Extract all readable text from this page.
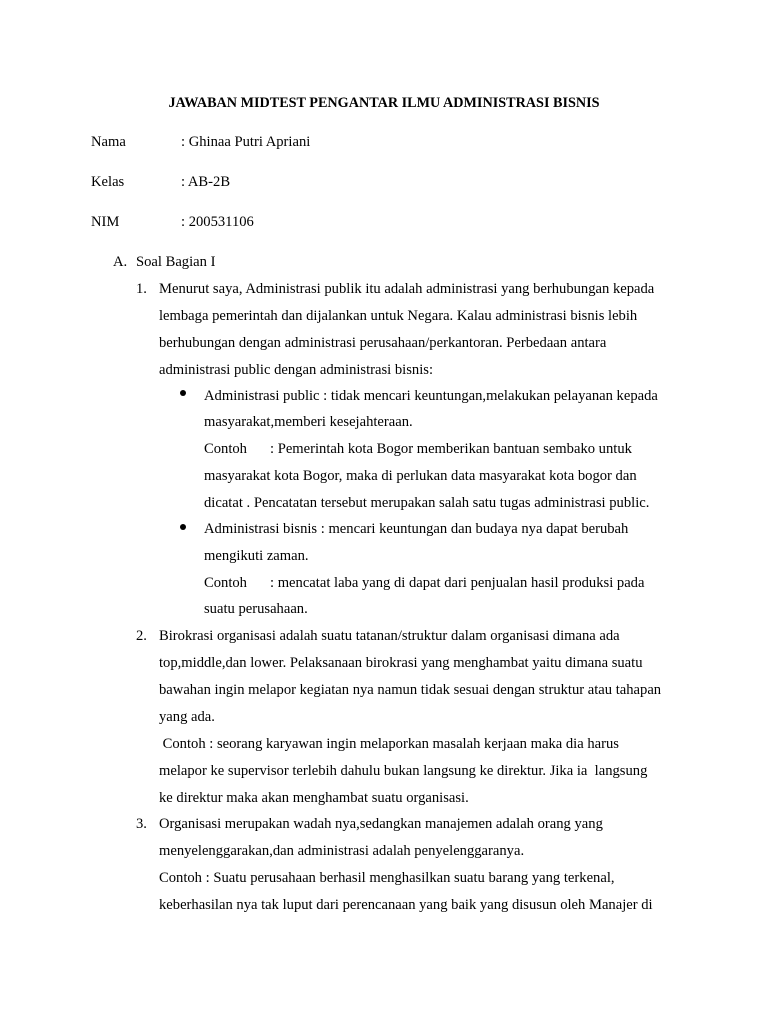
JAWABAN MIDTEST PENGANTAR ILMU ADMINISTRASI BISNIS
Nama	: Ghinaa Putri Apriani
Kelas	: AB-2B
NIM	: 200531106
A. Soal Bagian I
1. Menurut saya, Administrasi publik itu adalah administrasi yang berhubungan kepada
lembaga pemerintah dan dijalankan untuk Negara. Kalau administrasi bisnis lebih
berhubungan dengan administrasi perusahaan/perkantoran. Perbedaan antara
administrasi public dengan administrasi bisnis:
Administrasi public : tidak mencari keuntungan,melakukan pelayanan kepada
masyarakat,memberi kesejahteraan.
Contoh : Pemerintah kota Bogor memberikan bantuan sembako untuk
masyarakat kota Bogor, maka di perlukan data masyarakat kota bogor dan
dicatat . Pencatatan tersebut merupakan salah satu tugas administrasi public.
Administrasi bisnis : mencari keuntungan dan budaya nya dapat berubah
mengikuti zaman.
Contoh : mencatat laba yang di dapat dari penjualan hasil produksi pada
suatu perusahaan.
2. Birokrasi organisasi adalah suatu tatanan/struktur dalam organisasi dimana ada
top,middle,dan lower. Pelaksanaan birokrasi yang menghambat yaitu dimana suatu
bawahan ingin melapor kegiatan nya namun tidak sesuai dengan struktur atau tahapan
yang ada.
Contoh : seorang karyawan ingin melaporkan masalah kerjaan maka dia harus
melapor ke supervisor terlebih dahulu bukan langsung ke direktur. Jika ia  langsung
ke direktur maka akan menghambat suatu organisasi.
3. Organisasi merupakan wadah nya,sedangkan manajemen adalah orang yang
menyelenggarakan,dan administrasi adalah penyelenggaranya.
Contoh : Suatu perusahaan berhasil menghasilkan suatu barang yang terkenal,
keberhasilan nya tak luput dari perencanaan yang baik yang disusun oleh Manajer di
